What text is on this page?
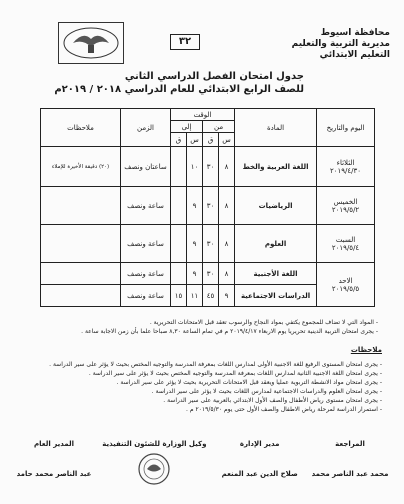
محافظة اسيوط
مديرية التربية والتعليم
التعليم الابتدائي
٣٢
جدول امتحان الفصل الدراسي الثاني
للصف الرابع الابتدائي للعام الدراسي ٢٠١٨ / ٢٠١٩م
اليوم والتاريخ	المادة	الوقت				الزمن	ملاحظات
		من		إلى			
		س	ق	س	ق		

الثلاثاء
٢٠١٩/٤/٣٠	اللغة العربية والخط	٨	٣٠	١٠		ساعتان ونصف	(٢٠) دقيقة الأخيرة للإملاء

الخميس
٢٠١٩/٥/٢	الرياضيات	٨	٣٠	٩		ساعة ونصف	

السبت
٢٠١٩/٥/٤	العلوم	٨	٣٠	٩		ساعة ونصف	

الاحد
٢٠١٩/٥/٥	اللغة الأجنبية	٨	٣٠	٩		ساعة ونصف	
	الدراسات الاجتماعية	٩	٤٥	١١	١٥	ساعة ونصف	
- المواد التي لا تضاف للمجموع يكتفي بمواد النجاح والرسوب تعقد قبل الامتحانات التحريرية .
- يجرى امتحان التربية الدينية تحريريا يوم الاربعاء ٢٠١٩/٤/١٧ م في تمام الساعة ٨,٣٠ صباحا علما بأن زمن الاجابة ساعة .
ملاحظات
- يجرى امتحان المستوى الرفيع للغة الاجنبية الأولى لمدارس اللغات بمعرفة المدرسة والتوجيه المختص بحيث لا يؤثر على سير الدراسة .
- يجرى امتحان اللغة الاجنبية الثانية لمدارس اللغات بمعرفة المدرسة والتوجيه المختص بحيث لا يؤثر على سير الدراسة .
- يجرى امتحان مواد الانشطة التربوية عمليا ويعقد قبل الامتحانات التحريرية بحيث لا يؤثر على سير الدراسة .
- يجرى امتحان العلوم والدراسات الاجتماعية لمدارس اللغات بحيث لا يؤثر على سير الدراسة .
- يجرى امتحان مستوى رياض الأطفال والصف الأول الابتدائي بالعربية على سير الدراسة .
- استمرار الدراسة لمرحلة رياض الاطفال والصف الأول حتى يوم ٢٠١٩/٥/٣٠ م .
المدير العام
عبد الناصر محمد حامد
وكيل الوزارة للشئون التنفيذية	مدير الإدارة
صلاح الدين عبد المنعم
المراجعة
محمد عبد الناصر محمد
